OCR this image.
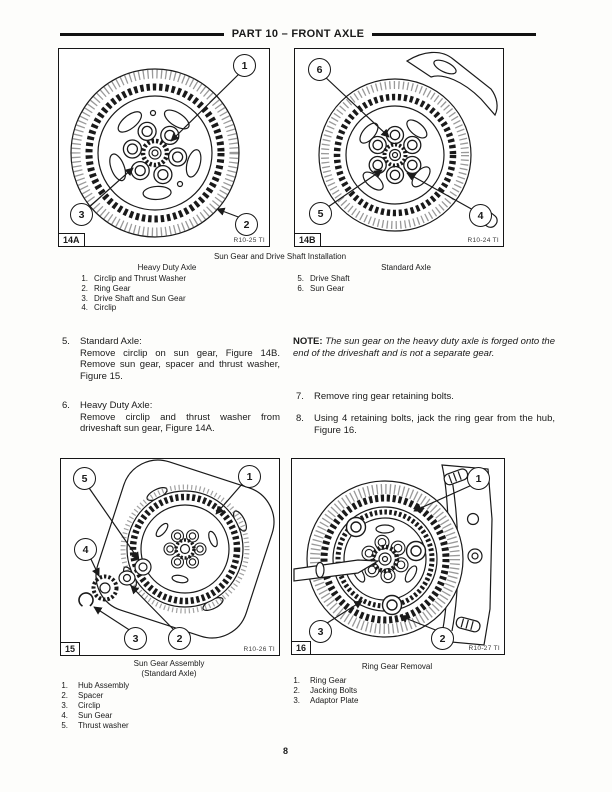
PART 10 – FRONT AXLE
1
3
2
14A	R10-25 TI
6
5	4
14B	R10-24 TI
Sun Gear and Drive Shaft Installation
Heavy Duty Axle	Standard Axle
1. Circlip and Thrust Washer
2. Ring Gear
3. Drive Shaft and Sun Gear
4. Circlip
5. Drive Shaft
6. Sun Gear
5.	Standard Axle:
Remove circlip on sun gear, Figure 14B. Remove sun gear, spacer and thrust washer, Figure 15.
6.	Heavy Duty Axle:
Remove circlip and thrust washer from driveshaft sun gear, Figure 14A.
NOTE: The sun gear on the heavy duty axle is forged onto the end of the driveshaft and is not a separate gear.
7.	Remove ring gear retaining bolts.
8.	Using 4 retaining bolts, jack the ring gear from the hub, Figure 16.
5	1
4
3	2
15	R10-26 TI
1
3
2
16	R10-27 TI
Sun Gear Assembly
(Standard Axle)
Ring Gear Removal
1. Hub Assembly
2. Spacer
3. Circlip
4. Sun Gear
5. Thrust washer
1. Ring Gear
2. Jacking Bolts
3. Adaptor Plate
8
